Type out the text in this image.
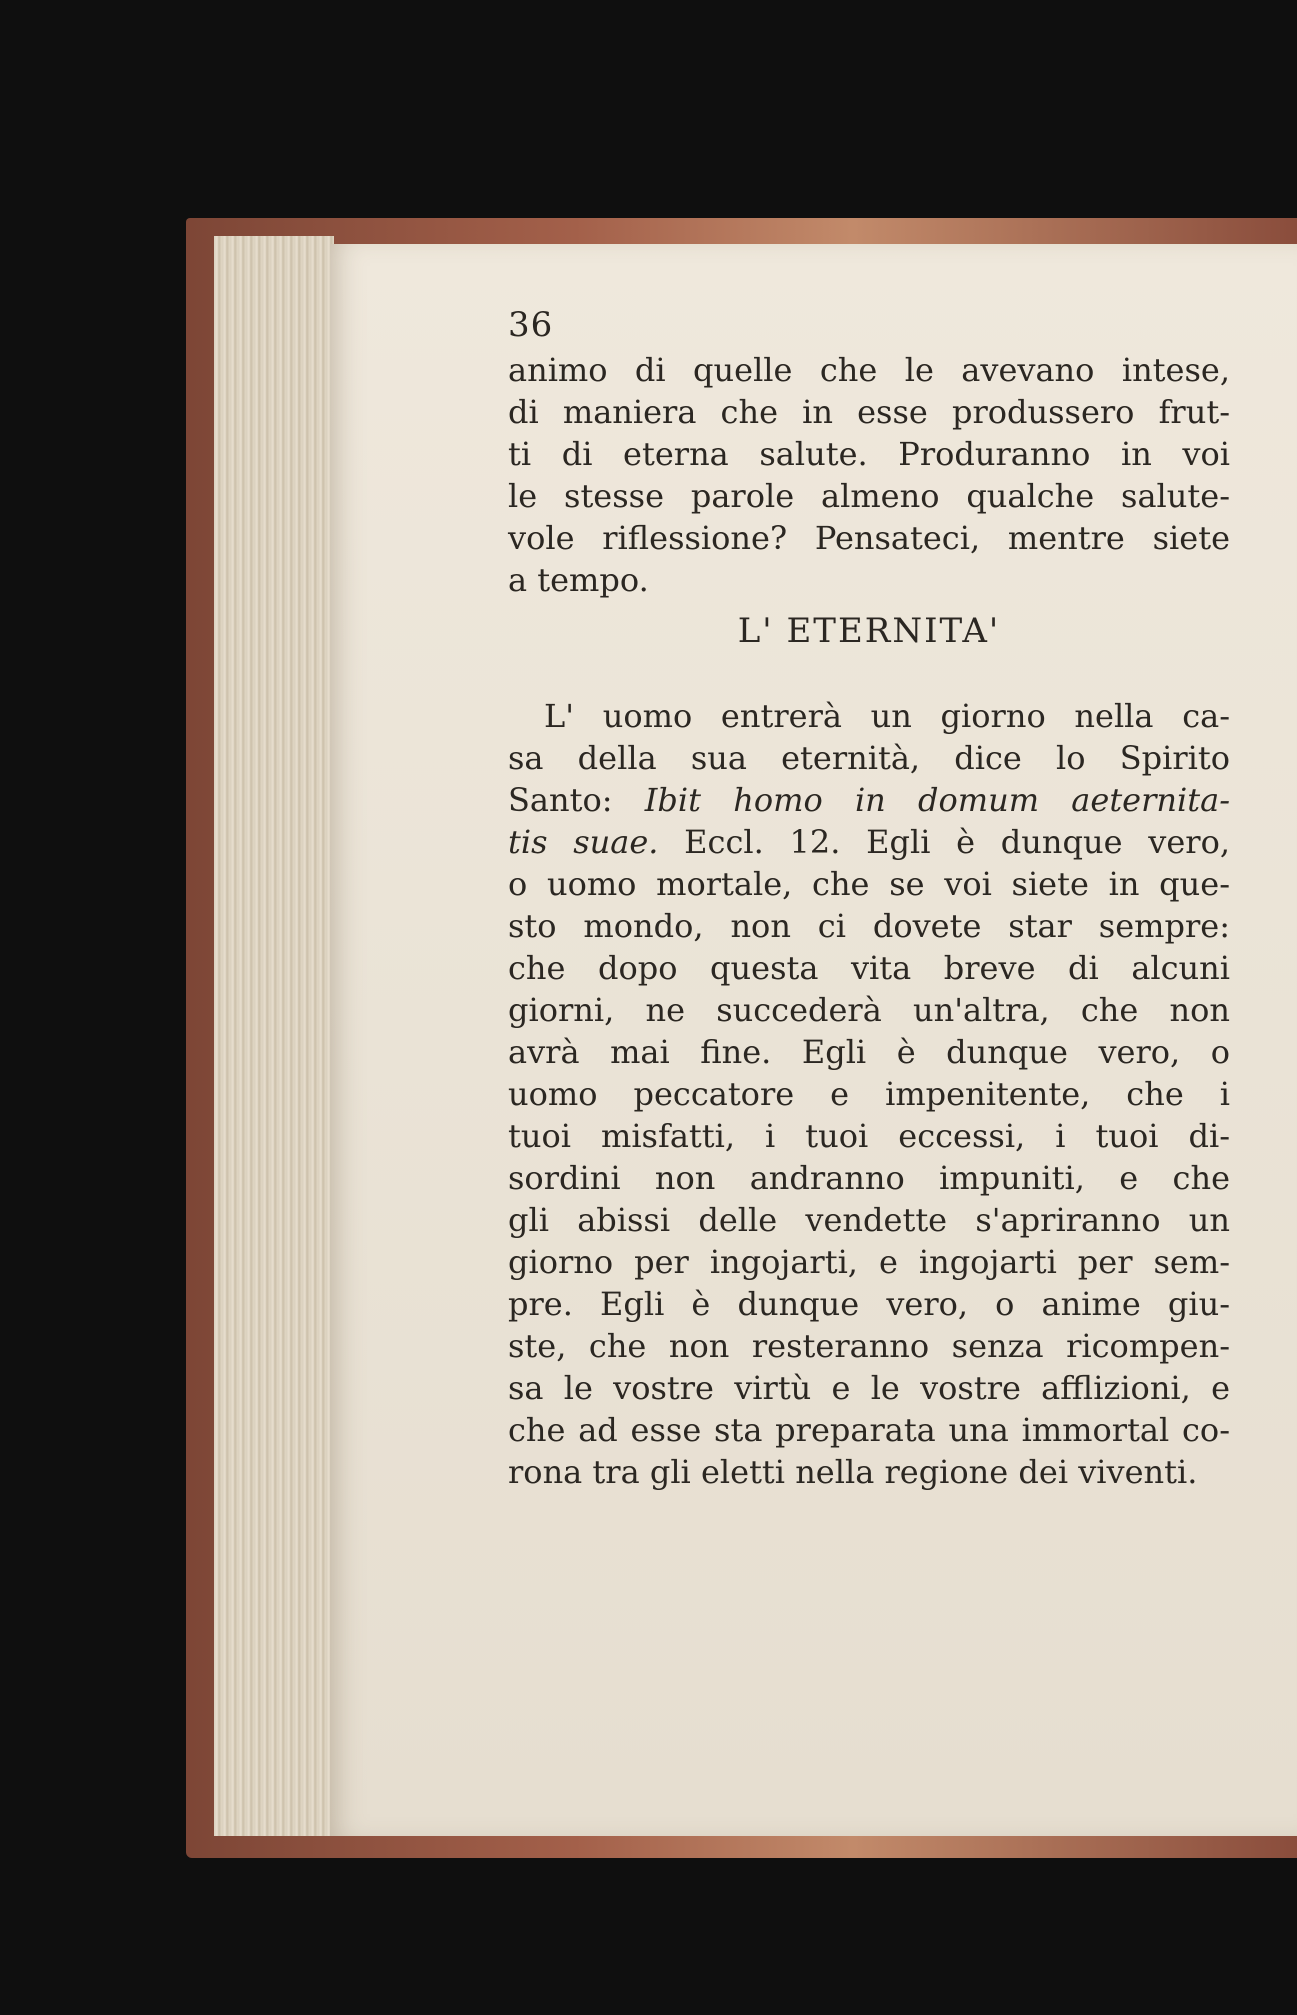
36
animo di quelle che le avevano intese,
di maniera che in esse produssero frut-
ti di eterna salute. Produranno in voi
le stesse parole almeno qualche salute-
vole riflessione? Pensateci, mentre siete
a tempo.
L' ETERNITA'
L' uomo entrerà un giorno nella ca-
sa della sua eternità, dice lo Spirito
Santo: Ibit homo in domum aeternita-
tis suae. Eccl. 12. Egli è dunque vero,
o uomo mortale, che se voi siete in que-
sto mondo, non ci dovete star sempre:
che dopo questa vita breve di alcuni
giorni, ne succederà un'altra, che non
avrà mai fine. Egli è dunque vero, o
uomo peccatore e impenitente, che i
tuoi misfatti, i tuoi eccessi, i tuoi di-
sordini non andranno impuniti, e che
gli abissi delle vendette s'apriranno un
giorno per ingojarti, e ingojarti per sem-
pre. Egli è dunque vero, o anime giu-
ste, che non resteranno senza ricompen-
sa le vostre virtù e le vostre afflizioni, e
che ad esse sta preparata una immortal co-
rona tra gli eletti nella regione dei viventi.
